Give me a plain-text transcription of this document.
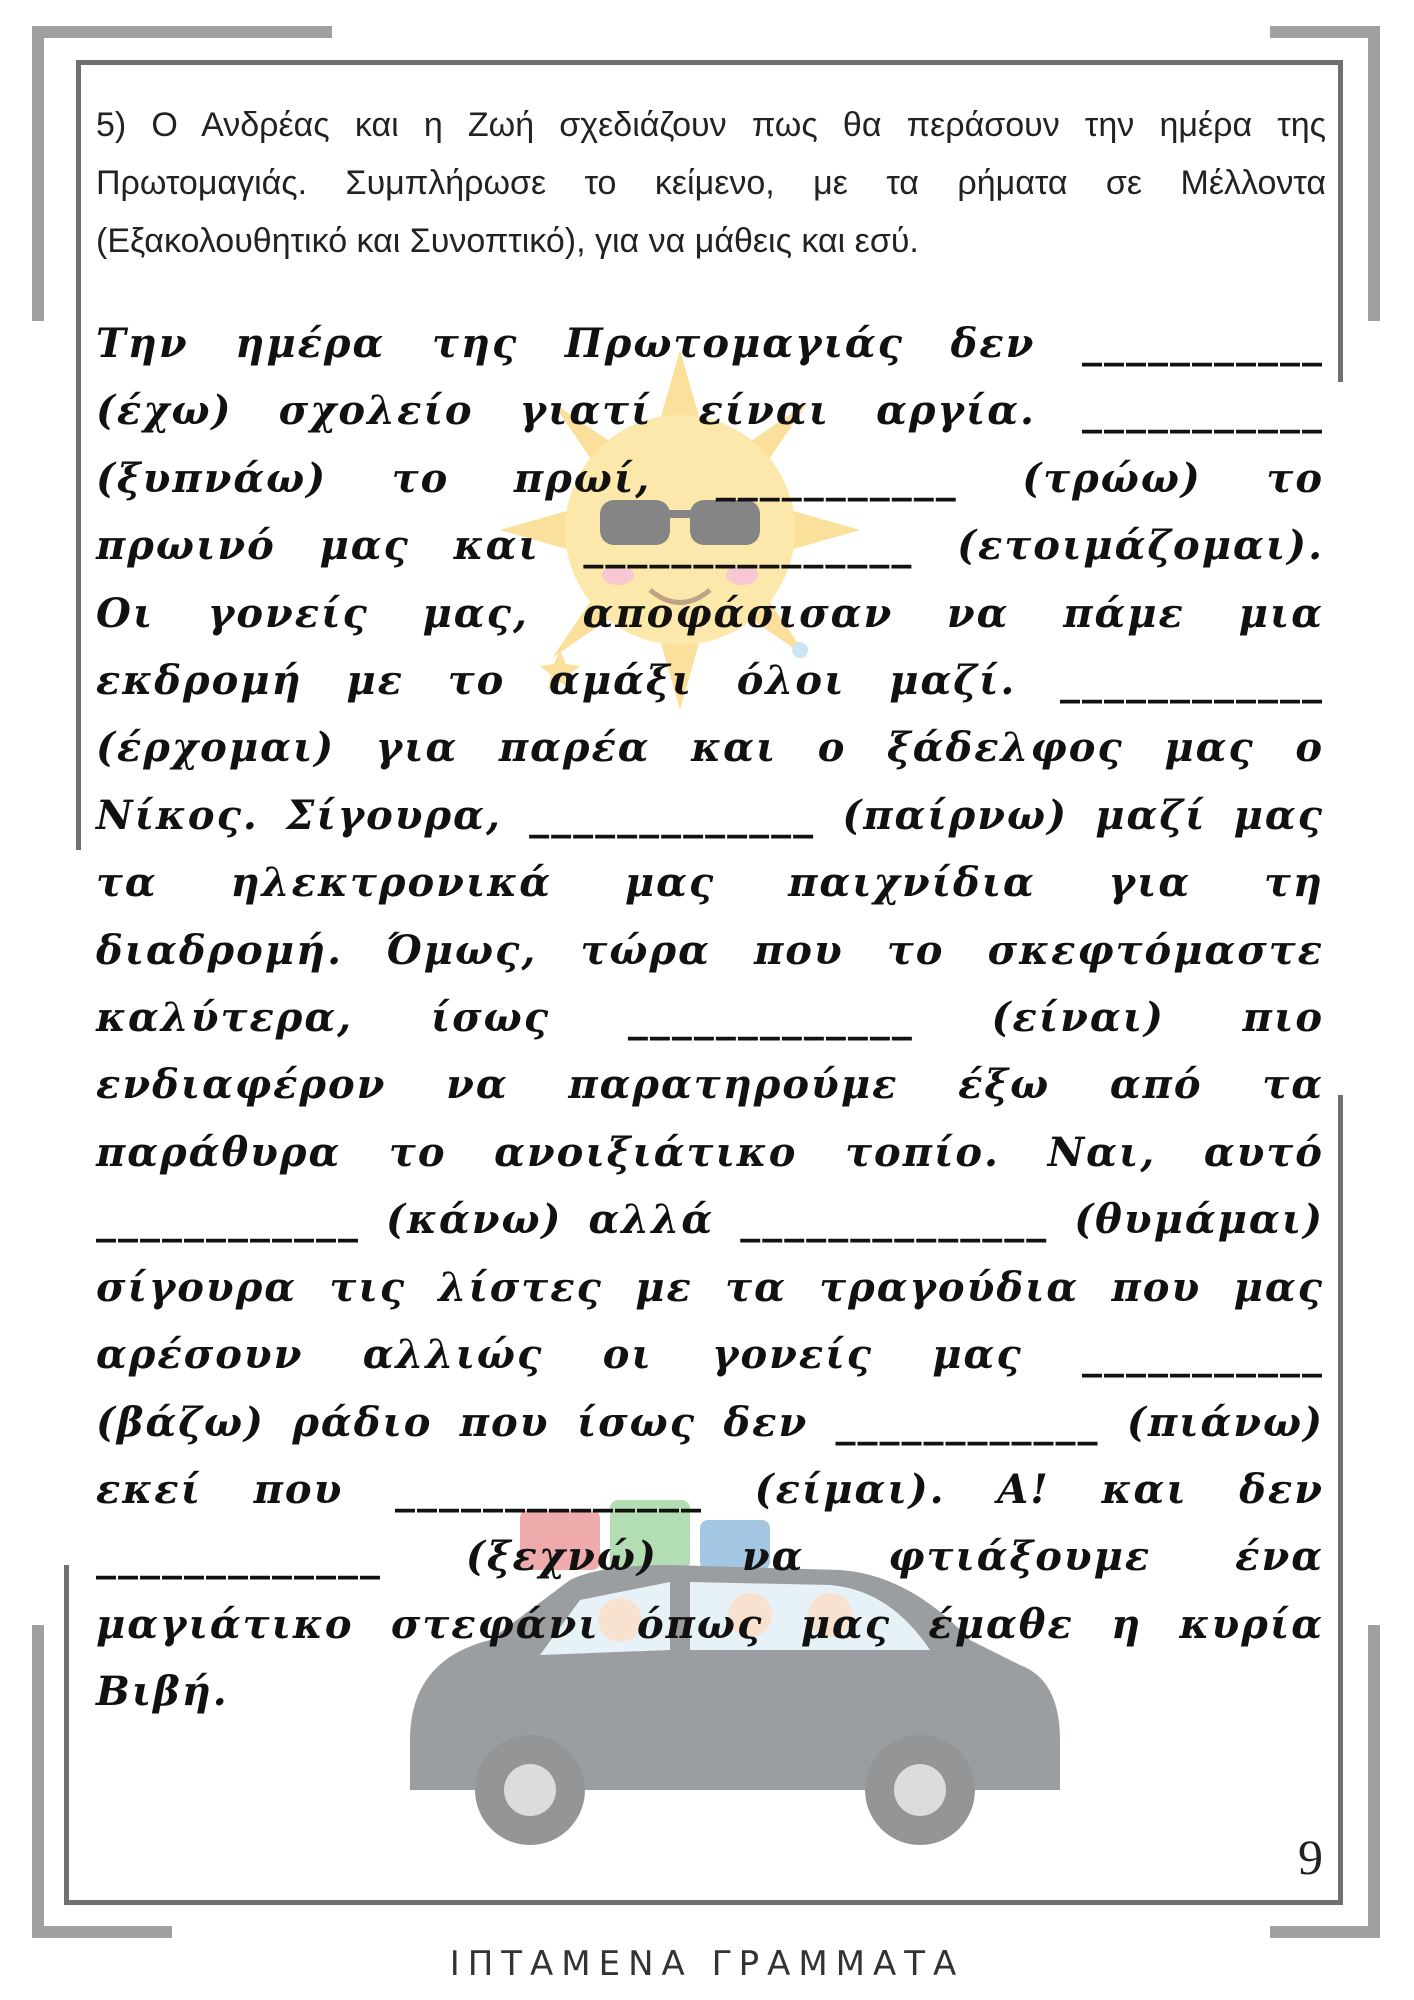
5) Ο Ανδρέας και η Ζωή σχεδιάζουν πως θα περάσουν την ημέρα της Πρωτομαγιάς. Συμπλήρωσε το κείμενο, με τα ρήματα σε Μέλλοντα (Εξακολουθητικό και Συνοπτικό), για να μάθεις και εσύ.
Την ημέρα της Πρωτομαγιάς δεν ___________ (έχω) σχολείο γιατί είναι αργία. ___________ (ξυπνάω) το πρωί, ___________ (τρώω) το πρωινό μας και _______________ (ετοιμάζομαι). Οι γονείς μας, αποφάσισαν να πάμε μια εκδρομή με το αμάξι όλοι μαζί. ____________ (έρχομαι) για παρέα και ο ξάδελφος μας ο Νίκος. Σίγουρα, _____________ (παίρνω) μαζί μας τα ηλεκτρονικά μας παιχνίδια για τη διαδρομή. Όμως, τώρα που το σκεφτόμαστε καλύτερα, ίσως _____________ (είναι) πιο ενδιαφέρον να παρατηρούμε έξω από τα παράθυρα το ανοιξιάτικο τοπίο. Ναι, αυτό ____________ (κάνω) αλλά ______________ (θυμάμαι) σίγουρα τις λίστες με τα τραγούδια που μας αρέσουν αλλιώς οι γονείς μας ___________ (βάζω) ράδιο που ίσως δεν ____________ (πιάνω) εκεί που ______________ (είμαι). Α! και δεν _____________ (ξεχνώ) να φτιάξουμε ένα μαγιάτικο στεφάνι όπως μας έμαθε η κυρία Βιβή.
9
ΙΠΤΑΜΕΝΑ ΓΡΑΜΜΑΤΑ
